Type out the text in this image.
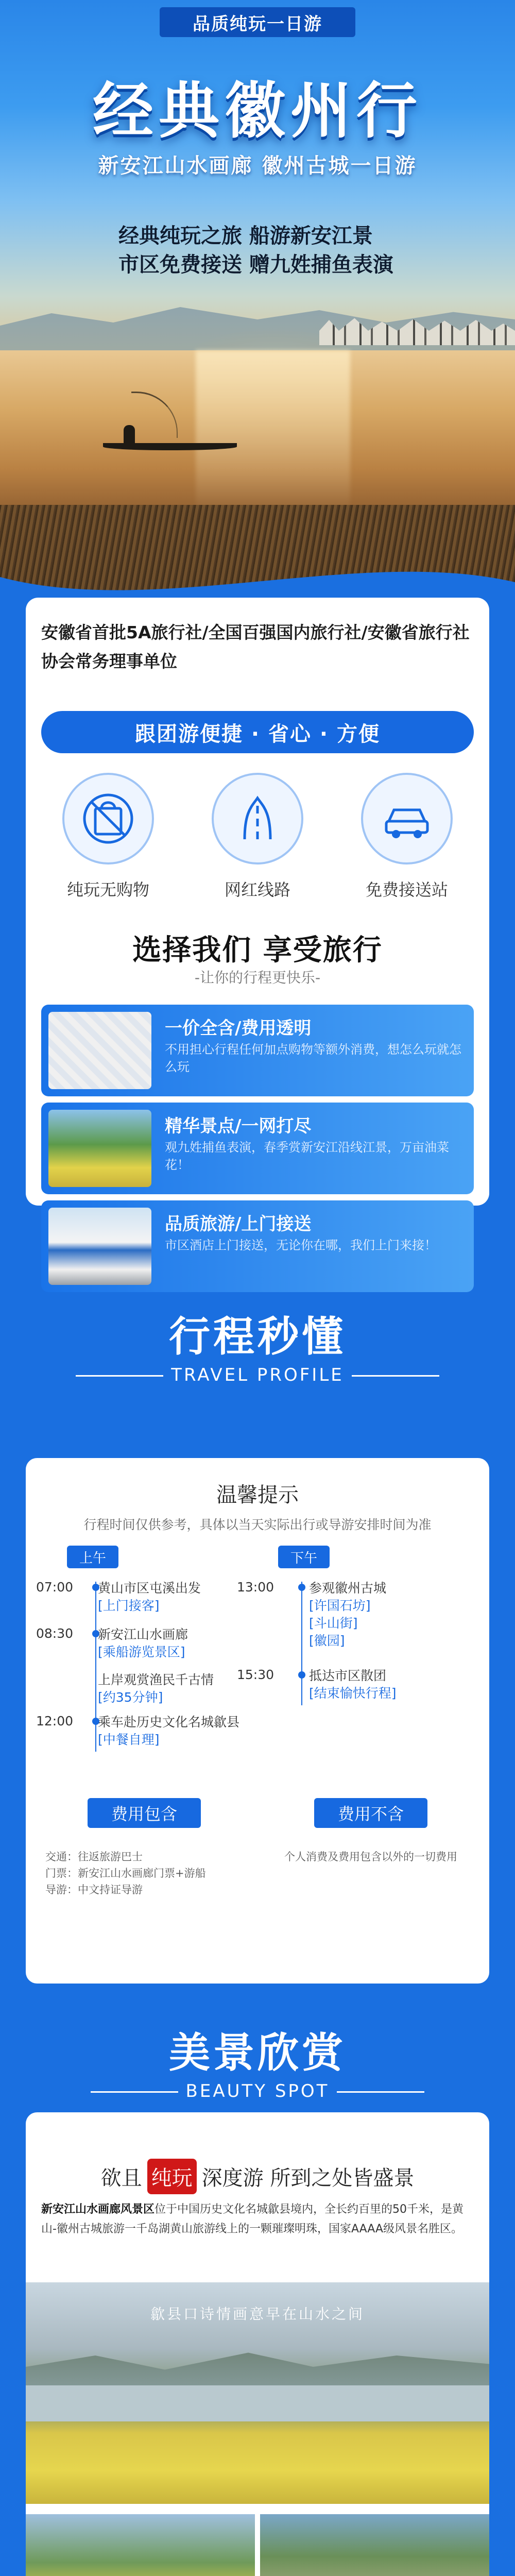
品质纯玩一日游
经典徽州行
新安江山水画廊 徽州古城一日游
经典纯玩之旅 船游新安江景
市区免费接送 赠九姓捕鱼表演
安徽省首批5A旅行社/全国百强国内旅行社/安徽省旅行社协会常务理事单位
跟团游便捷 · 省心 · 方便
纯玩无购物	网红线路	免费接送站
选择我们 享受旅行
-让你的行程更快乐-
一价全含/费用透明
不用担心行程任何加点购物等额外消费，想怎么玩就怎么玩
精华景点/一网打尽
观九姓捕鱼表演，春季赏新安江沿线江景，万亩油菜花！
品质旅游/上门接送
市区酒店上门接送，无论你在哪，我们上门来接！
行程秒懂
TRAVEL PROFILE
温馨提示
行程时间仅供参考，具体以当天实际出行或导游安排时间为准
上午	下午
07:00 黄山市区屯溪出发
[上门接客]
08:30 新安江山水画廊
[乘船游览景区]
上岸观赏渔民千古情
[约35分钟]
12:00 乘车赴历史文化名城歙县
[中餐自理]
13:00	参观徽州古城
[许国石坊]
[斗山街]
[徽园]
15:30	抵达市区散团
[结束愉快行程]
费用包含
交通：往返旅游巴士
门票：新安江山水画廊门票+游船
导游：中文持证导游
费用不含
个人消费及费用包含以外的一切费用
美景欣赏
BEAUTY SPOT
欲且 纯玩 深度游 所到之处皆盛景
新安江山水画廊风景区位于中国历史文化名城歙县境内，全长约百里的50千米，是黄山-徽州古城旅游一千岛湖黄山旅游线上的一颗璀璨明珠，国家AAAA级风景名胜区。
歙县口诗情画意早在山水之间
